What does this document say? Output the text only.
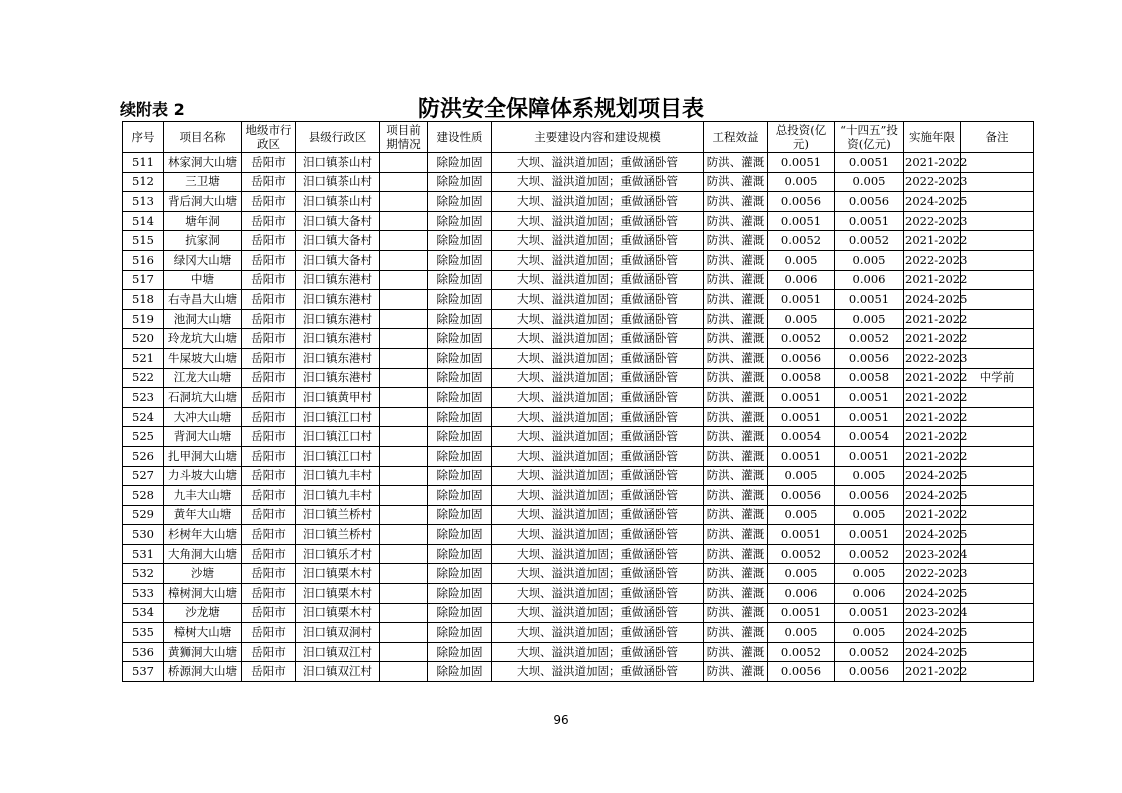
续附表 2	防洪安全保障体系规划项目表
序号	项目名称	地级市行政区	县级行政区	项目前期情况	建设性质	主要建设内容和建设规模	工程效益	总投资(亿元)	“十四五”投资(亿元)	实施年限	备注
511	林家洞大山塘	岳阳市	汨口镇茶山村		除险加固	大坝、溢洪道加固；重做涵卧管	防洪、灌溉	0.0051	0.0051	2021-2022	
512	三卫塘	岳阳市	汨口镇茶山村		除险加固	大坝、溢洪道加固；重做涵卧管	防洪、灌溉	0.005	0.005	2022-2023	
513	背后洞大山塘	岳阳市	汨口镇茶山村		除险加固	大坝、溢洪道加固；重做涵卧管	防洪、灌溉	0.0056	0.0056	2024-2025	
514	塘年洞	岳阳市	汨口镇大备村		除险加固	大坝、溢洪道加固；重做涵卧管	防洪、灌溉	0.0051	0.0051	2022-2023	
515	抗家洞	岳阳市	汨口镇大备村		除险加固	大坝、溢洪道加固；重做涵卧管	防洪、灌溉	0.0052	0.0052	2021-2022	
516	绿冈大山塘	岳阳市	汨口镇大备村		除险加固	大坝、溢洪道加固；重做涵卧管	防洪、灌溉	0.005	0.005	2022-2023	
517	中塘	岳阳市	汨口镇东港村		除险加固	大坝、溢洪道加固；重做涵卧管	防洪、灌溉	0.006	0.006	2021-2022	
518	右寺昌大山塘	岳阳市	汨口镇东港村		除险加固	大坝、溢洪道加固；重做涵卧管	防洪、灌溉	0.0051	0.0051	2024-2025	
519	池洞大山塘	岳阳市	汨口镇东港村		除险加固	大坝、溢洪道加固；重做涵卧管	防洪、灌溉	0.005	0.005	2021-2022	
520	玲龙坑大山塘	岳阳市	汨口镇东港村		除险加固	大坝、溢洪道加固；重做涵卧管	防洪、灌溉	0.0052	0.0052	2021-2022	
521	牛屎坡大山塘	岳阳市	汨口镇东港村		除险加固	大坝、溢洪道加固；重做涵卧管	防洪、灌溉	0.0056	0.0056	2022-2023	
522	江龙大山塘	岳阳市	汨口镇东港村		除险加固	大坝、溢洪道加固；重做涵卧管	防洪、灌溉	0.0058	0.0058	2021-2022	中学前
523	石洞坑大山塘	岳阳市	汨口镇黄甲村		除险加固	大坝、溢洪道加固；重做涵卧管	防洪、灌溉	0.0051	0.0051	2021-2022	
524	大冲大山塘	岳阳市	汨口镇江口村		除险加固	大坝、溢洪道加固；重做涵卧管	防洪、灌溉	0.0051	0.0051	2021-2022	
525	背洞大山塘	岳阳市	汨口镇江口村		除险加固	大坝、溢洪道加固；重做涵卧管	防洪、灌溉	0.0054	0.0054	2021-2022	
526	扎甲洞大山塘	岳阳市	汨口镇江口村		除险加固	大坝、溢洪道加固；重做涵卧管	防洪、灌溉	0.0051	0.0051	2021-2022	
527	力斗坡大山塘	岳阳市	汨口镇九丰村		除险加固	大坝、溢洪道加固；重做涵卧管	防洪、灌溉	0.005	0.005	2024-2025	
528	九丰大山塘	岳阳市	汨口镇九丰村		除险加固	大坝、溢洪道加固；重做涵卧管	防洪、灌溉	0.0056	0.0056	2024-2025	
529	黄年大山塘	岳阳市	汨口镇兰桥村		除险加固	大坝、溢洪道加固；重做涵卧管	防洪、灌溉	0.005	0.005	2021-2022	
530	杉树年大山塘	岳阳市	汨口镇兰桥村		除险加固	大坝、溢洪道加固；重做涵卧管	防洪、灌溉	0.0051	0.0051	2024-2025	
531	大角洞大山塘	岳阳市	汨口镇乐才村		除险加固	大坝、溢洪道加固；重做涵卧管	防洪、灌溉	0.0052	0.0052	2023-2024	
532	沙塘	岳阳市	汨口镇栗木村		除险加固	大坝、溢洪道加固；重做涵卧管	防洪、灌溉	0.005	0.005	2022-2023	
533	樟树洞大山塘	岳阳市	汨口镇栗木村		除险加固	大坝、溢洪道加固；重做涵卧管	防洪、灌溉	0.006	0.006	2024-2025	
534	沙龙塘	岳阳市	汨口镇栗木村		除险加固	大坝、溢洪道加固；重做涵卧管	防洪、灌溉	0.0051	0.0051	2023-2024	
535	樟树大山塘	岳阳市	汨口镇双洞村		除险加固	大坝、溢洪道加固；重做涵卧管	防洪、灌溉	0.005	0.005	2024-2025	
536	黄狮洞大山塘	岳阳市	汨口镇双江村		除险加固	大坝、溢洪道加固；重做涵卧管	防洪、灌溉	0.0052	0.0052	2024-2025	
537	桥源洞大山塘	岳阳市	汨口镇双江村		除险加固	大坝、溢洪道加固；重做涵卧管	防洪、灌溉	0.0056	0.0056	2021-2022	
96
